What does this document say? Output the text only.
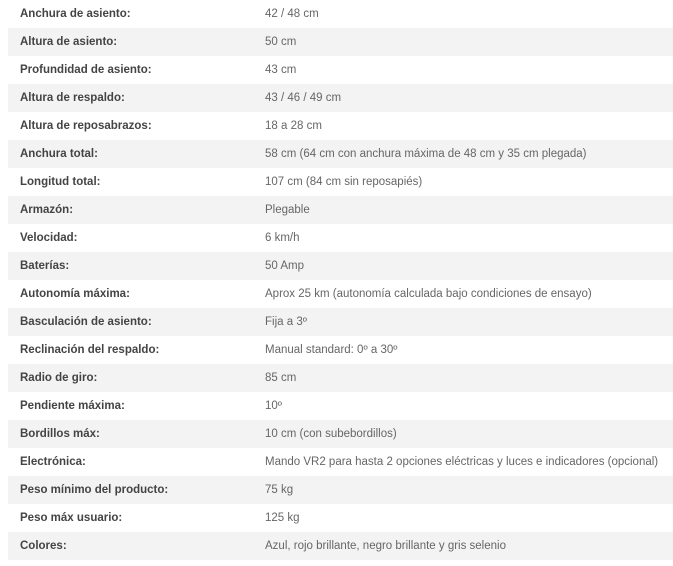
Anchura de asiento:	42 / 48 cm
Altura de asiento:	50 cm
Profundidad de asiento:	43 cm
Altura de respaldo:	43 / 46 / 49 cm
Altura de reposabrazos:	18 a 28 cm
Anchura total:	58 cm (64 cm con anchura máxima de 48 cm y 35 cm plegada)
Longitud total:	107 cm (84 cm sin reposapiés)
Armazón:	Plegable
Velocidad:	6 km/h
Baterías:	50 Amp
Autonomía máxima:	Aprox 25 km (autonomía calculada bajo condiciones de ensayo)
Basculación de asiento:	Fija a 3º
Reclinación del respaldo:	Manual standard: 0º a 30º
Radio de giro:	85 cm
Pendiente máxima:	10º
Bordillos máx:	10 cm (con subebordillos)
Electrónica:	Mando VR2 para hasta 2 opciones eléctricas y luces e indicadores (opcional)
Peso mínimo del producto:	75 kg
Peso máx usuario:	125 kg
Colores:	Azul, rojo brillante, negro brillante y gris selenio
